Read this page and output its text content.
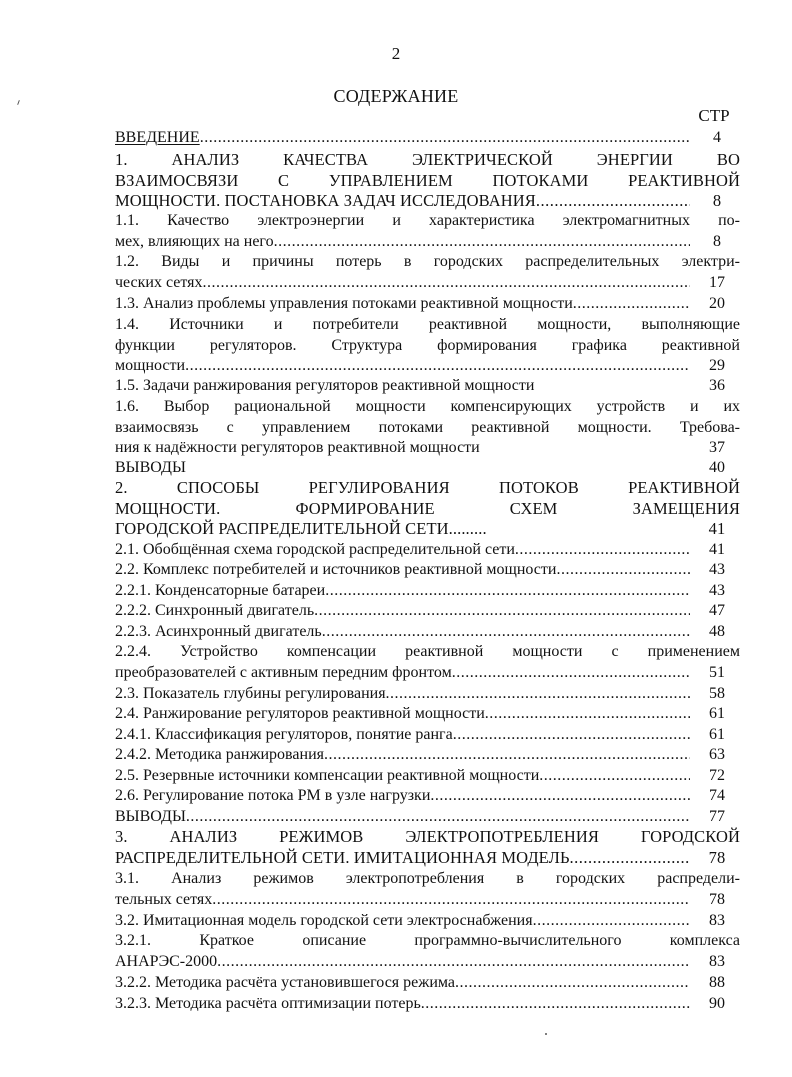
2
СОДЕРЖАНИЕ
СТР
ВВЕДЕНИЕ .....	4
1. АНАЛИЗ КАЧЕСТВА ЭЛЕКТРИЧЕСКОЙ ЭНЕРГИИ ВО
ВЗАИМОСВЯЗИ С УПРАВЛЕНИЕМ ПОТОКАМИ РЕАКТИВНОЙ
МОЩНОСТИ. ПОСТАНОВКА ЗАДАЧ ИССЛЕДОВАНИЯ .....	8
1.1. Качество электроэнергии и характеристика электромагнитных по-
мех, влияющих на него .....	8
1.2. Виды и причины потерь в городских распределительных электри-
ческих сетях .....	17
1.3. Анализ проблемы управления потоками реактивной мощности .....	20
1.4. Источники и потребители реактивной мощности, выполняющие
функции регуляторов. Структура формирования графика реактивной
мощности .....	29
1.5. Задачи ранжирования регуляторов реактивной мощности	36
1.6. Выбор рациональной мощности компенсирующих устройств и их
взаимосвязь с управлением потоками реактивной мощности. Требова-
ния к надёжности регуляторов реактивной мощности	37
ВЫВОДЫ	40
2. СПОСОБЫ РЕГУЛИРОВАНИЯ ПОТОКОВ РЕАКТИВНОЙ
МОЩНОСТИ. ФОРМИРОВАНИЕ СХЕМ ЗАМЕЩЕНИЯ
ГОРОДСКОЙ РАСПРЕДЕЛИТЕЛЬНОЙ СЕТИ .........	41
2.1. Обобщённая схема городской распределительной сети .....	41
2.2. Комплекс потребителей и источников реактивной мощности .....	43
2.2.1. Конденсаторные батареи .....	43
2.2.2. Синхронный двигатель .....	47
2.2.3. Асинхронный двигатель .....	48
2.2.4. Устройство компенсации реактивной мощности с применением
преобразователей с активным передним фронтом .....	51
2.3. Показатель глубины регулирования .....	58
2.4. Ранжирование регуляторов реактивной мощности .....	61
2.4.1. Классификация регуляторов, понятие ранга .....	61
2.4.2. Методика ранжирования .....	63
2.5. Резервные источники компенсации реактивной мощности .....	72
2.6. Регулирование потока РМ в узле нагрузки .....	74
ВЫВОДЫ .....	77
3. АНАЛИЗ РЕЖИМОВ ЭЛЕКТРОПОТРЕБЛЕНИЯ ГОРОДСКОЙ
РАСПРЕДЕЛИТЕЛЬНОЙ СЕТИ. ИМИТАЦИОННАЯ МОДЕЛЬ .....	78
3.1. Анализ режимов электропотребления в городских распредели-
тельных сетях .....	78
3.2. Имитационная модель городской сети электроснабжения .....	83
3.2.1. Краткое описание программно-вычислительного комплекса
АНАРЭС-2000 .....	83
3.2.2. Методика расчёта установившегося режима .....	88
3.2.3. Методика расчёта оптимизации потерь .....	90
